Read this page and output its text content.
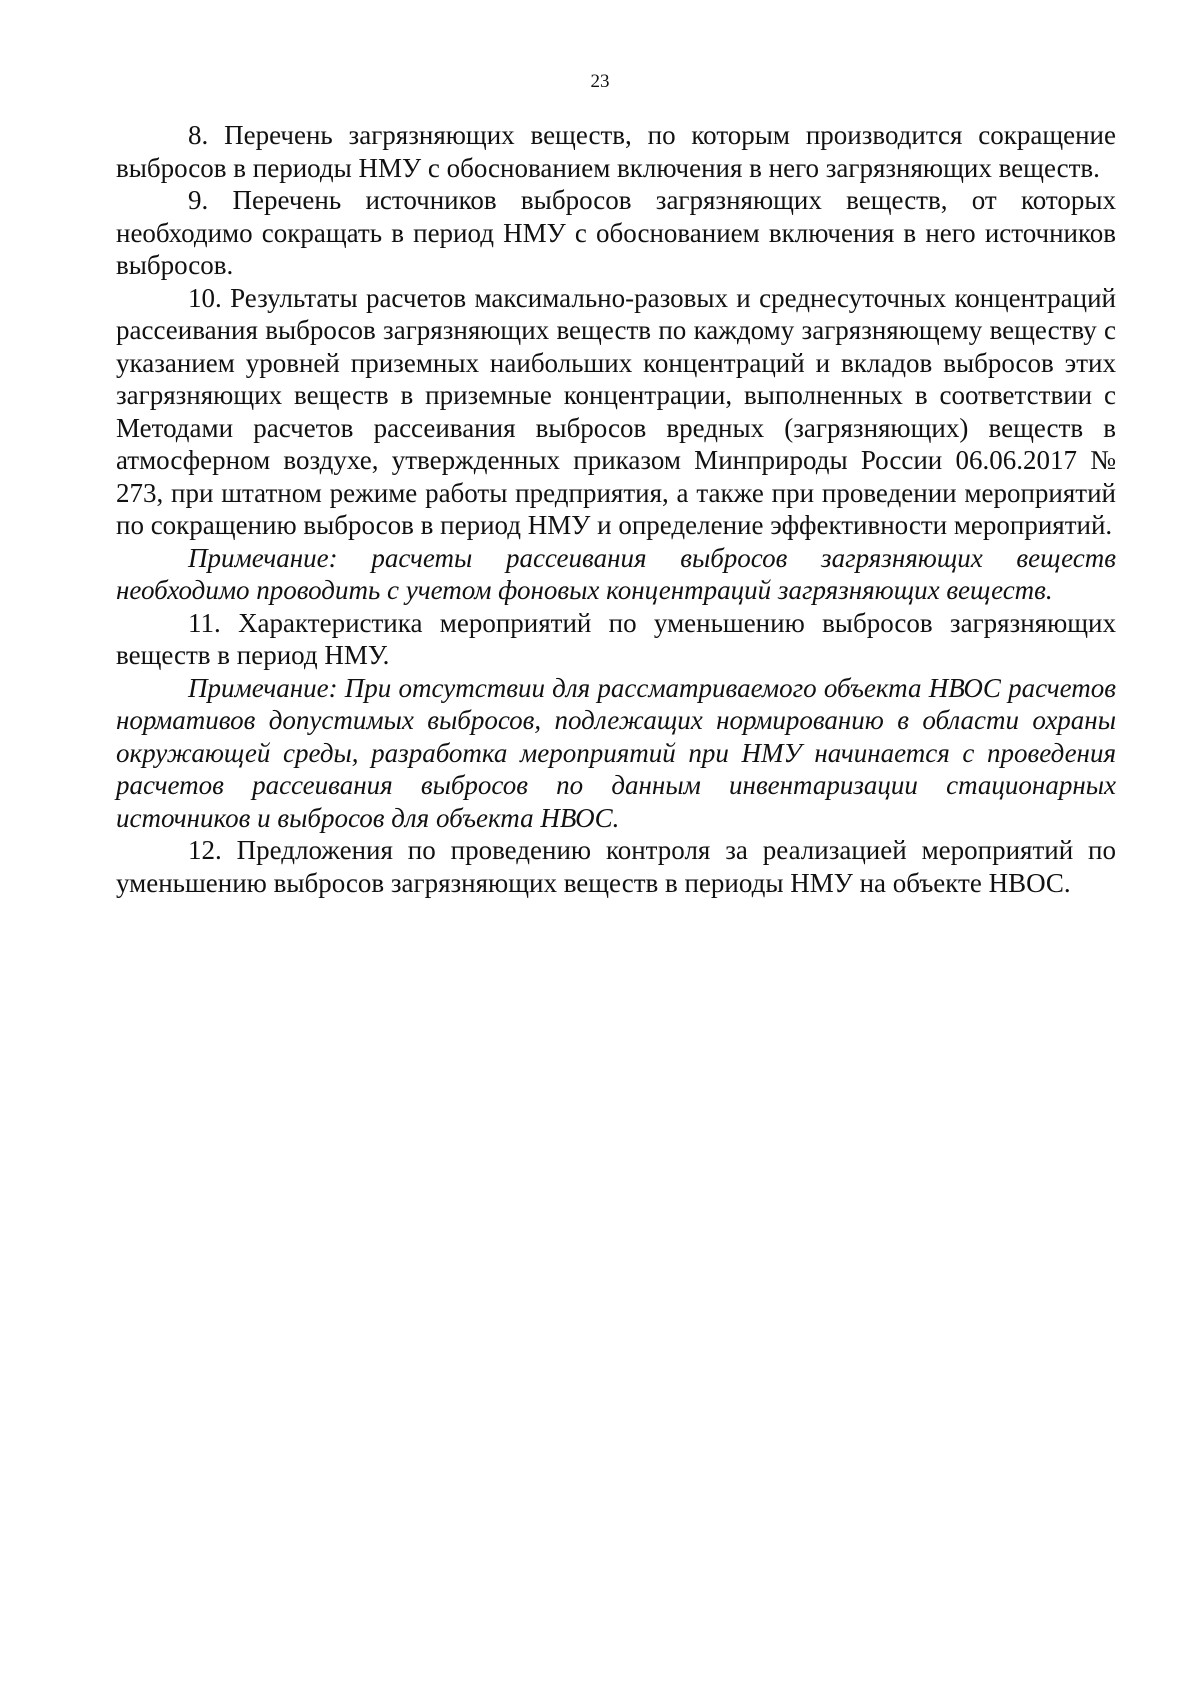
23

8. Перечень загрязняющих веществ, по которым производится сокращение выбросов в периоды НМУ с обоснованием включения в него загрязняющих веществ.

9. Перечень источников выбросов загрязняющих веществ, от которых необходимо сокращать в период НМУ с обоснованием включения в него источников выбросов.

10. Результаты расчетов максимально-разовых и среднесуточных концентраций рассеивания выбросов загрязняющих веществ по каждому загрязняющему веществу с указанием уровней приземных наибольших концентраций и вкладов выбросов этих загрязняющих веществ в приземные концентрации, выполненных в соответствии с Методами расчетов рассеивания выбросов вредных (загрязняющих) веществ в атмосферном воздухе, утвержденных приказом Минприроды России 06.06.2017 № 273, при штатном режиме работы предприятия, а также при проведении мероприятий по сокращению выбросов в период НМУ и определение эффективности мероприятий.

Примечание: расчеты рассеивания выбросов загрязняющих веществ необходимо проводить с учетом фоновых концентраций загрязняющих веществ.

11. Характеристика мероприятий по уменьшению выбросов загрязняющих веществ в период НМУ.

Примечание: При отсутствии для рассматриваемого объекта НВОС расчетов нормативов допустимых выбросов, подлежащих нормированию в области охраны окружающей среды, разработка мероприятий при НМУ начинается с проведения расчетов рассеивания выбросов по данным инвентаризации стационарных источников и выбросов для объекта НВОС.

12. Предложения по проведению контроля за реализацией мероприятий по уменьшению выбросов загрязняющих веществ в периоды НМУ на объекте НВОС.
